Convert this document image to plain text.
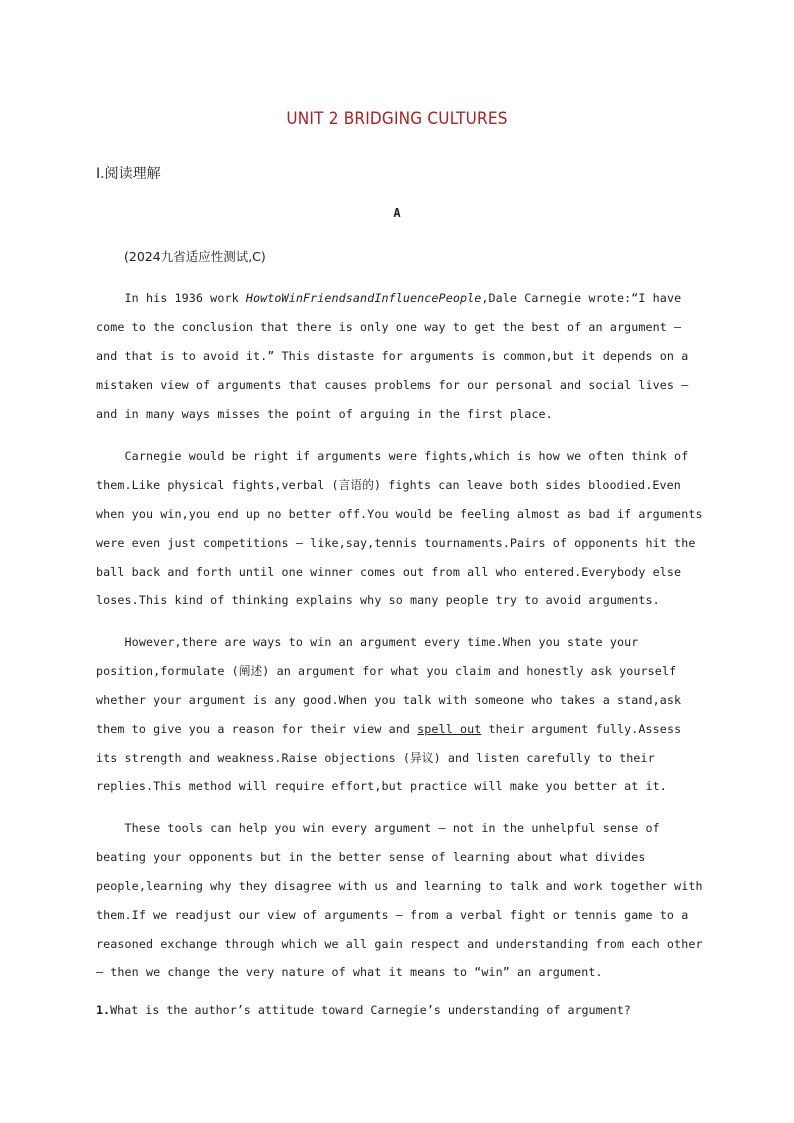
UNIT 2 BRIDGING CULTURES
Ⅰ.阅读理解
A
(2024九省适应性测试,C)
In his 1936 work HowtoWinFriendsandInfluencePeople,Dale Carnegie wrote:“I have
come to the conclusion that there is only one way to get the best of an argument —
and that is to avoid it.” This distaste for arguments is common,but it depends on a
mistaken view of arguments that causes problems for our personal and social lives —
and in many ways misses the point of arguing in the first place.
Carnegie would be right if arguments were fights,which is how we often think of
them.Like physical fights,verbal (言语的) fights can leave both sides bloodied.Even
when you win,you end up no better off.You would be feeling almost as bad if arguments
were even just competitions — like,say,tennis tournaments.Pairs of opponents hit the
ball back and forth until one winner comes out from all who entered.Everybody else
loses.This kind of thinking explains why so many people try to avoid arguments.
However,there are ways to win an argument every time.When you state your
position,formulate (阐述) an argument for what you claim and honestly ask yourself
whether your argument is any good.When you talk with someone who takes a stand,ask
them to give you a reason for their view and spell out their argument fully.Assess
its strength and weakness.Raise objections (异议) and listen carefully to their
replies.This method will require effort,but practice will make you better at it.
These tools can help you win every argument — not in the unhelpful sense of
beating your opponents but in the better sense of learning about what divides
people,learning why they disagree with us and learning to talk and work together with
them.If we readjust our view of arguments — from a verbal fight or tennis game to a
reasoned exchange through which we all gain respect and understanding from each other
— then we change the very nature of what it means to “win” an argument.
1.What is the author’s attitude toward Carnegie’s understanding of argument?
